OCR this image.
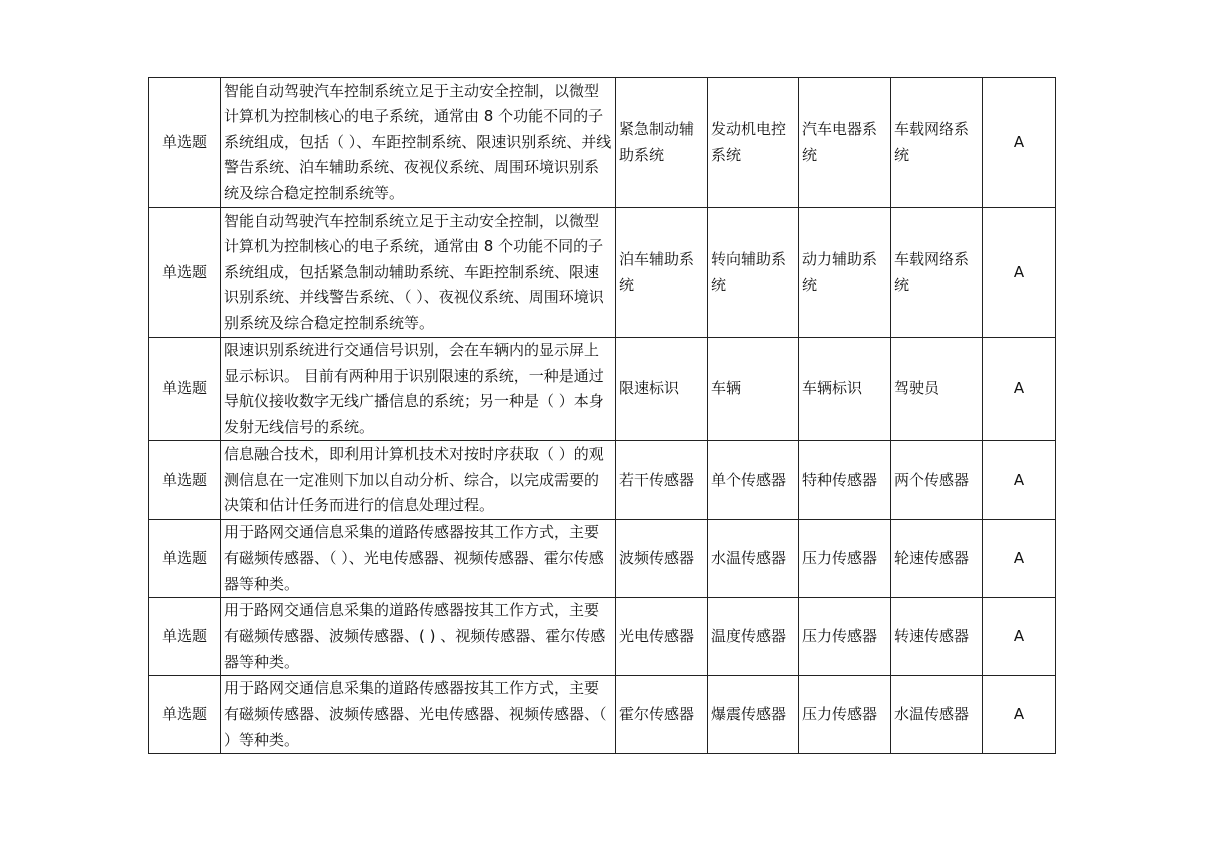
单选题	智能自动驾驶汽车控制系统立足于主动安全控制，以微型计算机为控制核心的电子系统，通常由 8 个功能不同的子系统组成，包括（ ）、车距控制系统、限速识别系统、并线警告系统、泊车辅助系统、夜视仪系统、周围环境识别系统及综合稳定控制系统等。	紧急制动辅助系统	发动机电控系统	汽车电器系统	车载网络系统	A
单选题	智能自动驾驶汽车控制系统立足于主动安全控制，以微型计算机为控制核心的电子系统，通常由 8 个功能不同的子系统组成，包括紧急制动辅助系统、车距控制系统、限速识别系统、并线警告系统、（ ）、夜视仪系统、周围环境识别系统及综合稳定控制系统等。	泊车辅助系统	转向辅助系统	动力辅助系统	车载网络系统	A
单选题	限速识别系统进行交通信号识别，会在车辆内的显示屏上显示标识。 目前有两种用于识别限速的系统，一种是通过导航仪接收数字无线广播信息的系统；另一种是（ ）本身发射无线信号的系统。	限速标识	车辆	车辆标识	驾驶员	A
单选题	信息融合技术，即利用计算机技术对按时序获取（ ）的观测信息在一定准则下加以自动分析、综合，以完成需要的决策和估计任务而进行的信息处理过程。	若干传感器	单个传感器	特种传感器	两个传感器	A
单选题	用于路网交通信息采集的道路传感器按其工作方式，主要有磁频传感器、（ ）、光电传感器、视频传感器、霍尔传感器等种类。	波频传感器	水温传感器	压力传感器	轮速传感器	A
单选题	用于路网交通信息采集的道路传感器按其工作方式，主要有磁频传感器、波频传感器、( ) 、视频传感器、霍尔传感器等种类。	光电传感器	温度传感器	压力传感器	转速传感器	A
单选题	用于路网交通信息采集的道路传感器按其工作方式，主要有磁频传感器、波频传感器、光电传感器、视频传感器、（ ）等种类。	霍尔传感器	爆震传感器	压力传感器	水温传感器	A
